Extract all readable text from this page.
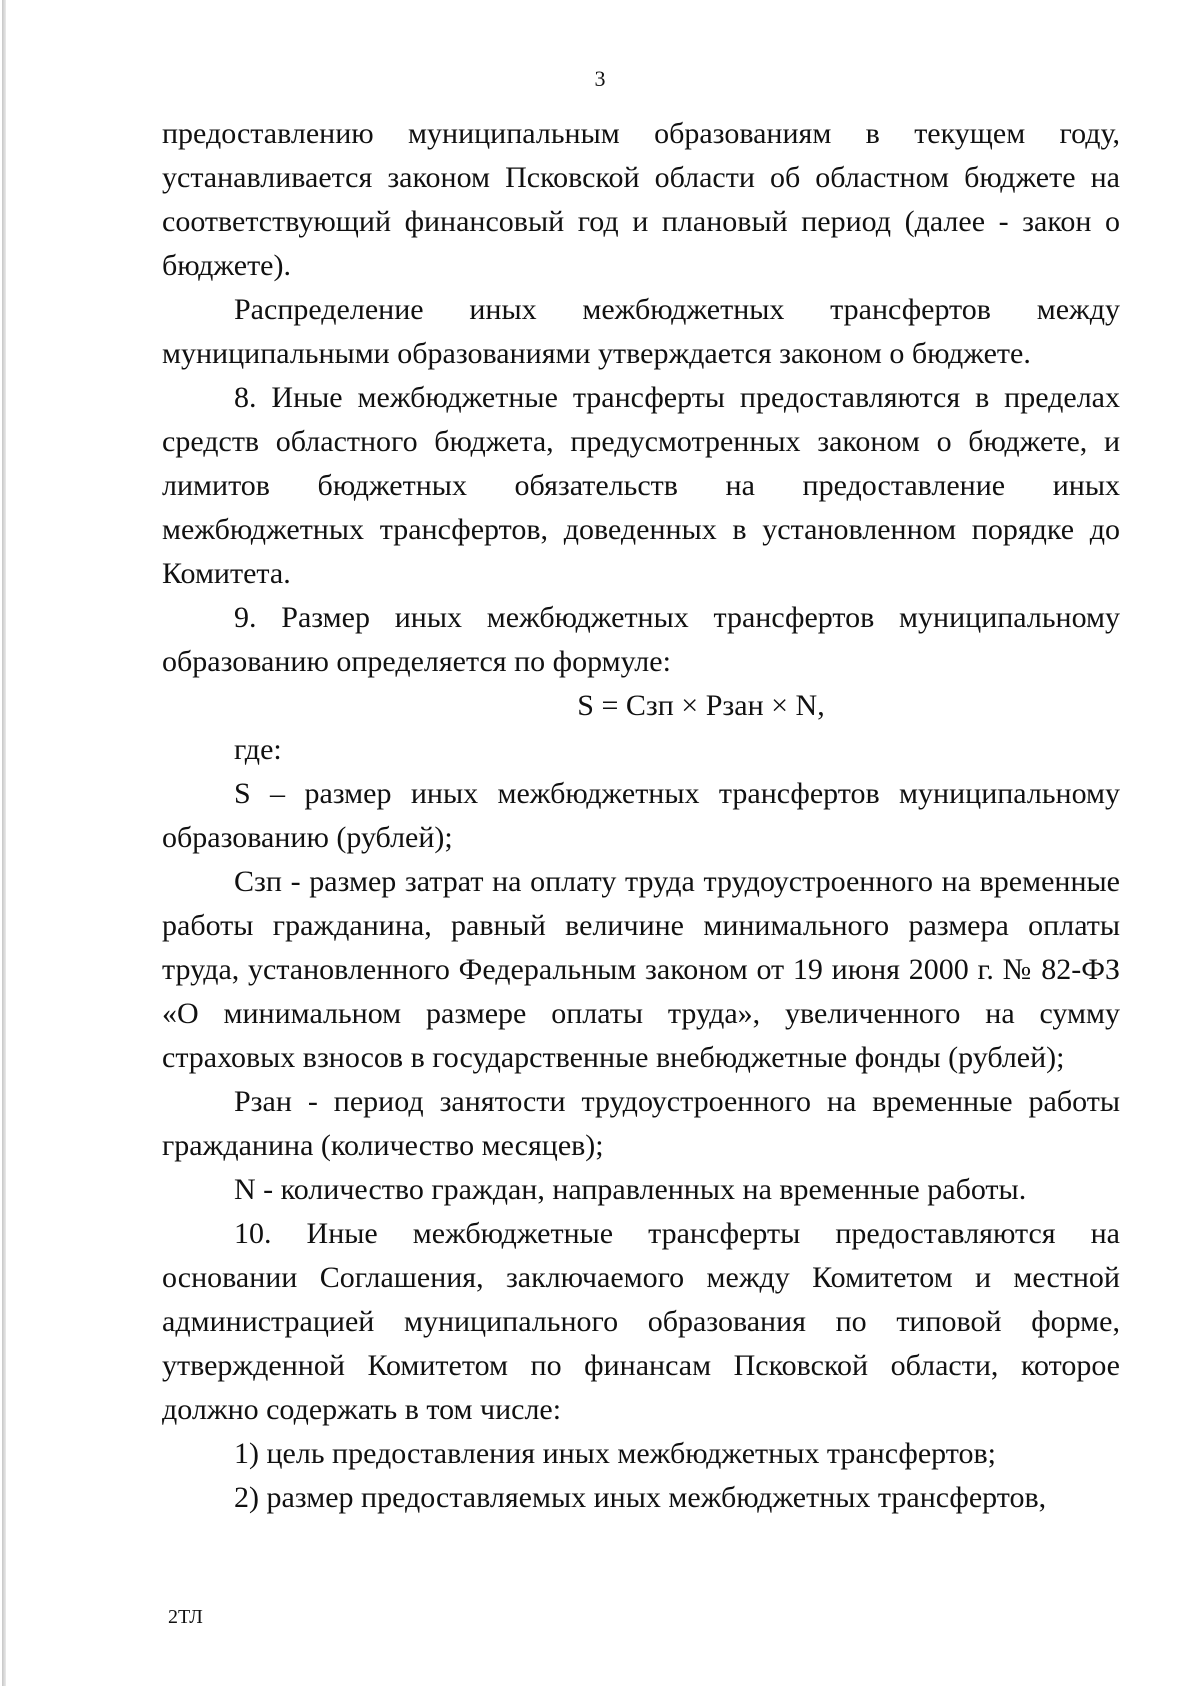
3

предоставлению муниципальным образованиям в текущем году, устанавливается законом Псковской области об областном бюджете на соответствующий финансовый год и плановый период (далее - закон о бюджете).

Распределение иных межбюджетных трансфертов между муниципальными образованиями утверждается законом о бюджете.

8. Иные межбюджетные трансферты предоставляются в пределах средств областного бюджета, предусмотренных законом о бюджете, и лимитов бюджетных обязательств на предоставление иных межбюджетных трансфертов, доведенных в установленном порядке до Комитета.

9. Размер иных межбюджетных трансфертов муниципальному образованию определяется по формуле:

S = Сзп × Рзан × N,

где:

S – размер иных межбюджетных трансфертов муниципальному образованию (рублей);

Сзп - размер затрат на оплату труда трудоустроенного на временные работы гражданина, равный величине минимального размера оплаты труда, установленного Федеральным законом от 19 июня 2000 г. № 82-ФЗ «О минимальном размере оплаты труда», увеличенного на сумму страховых взносов в государственные внебюджетные фонды (рублей);

Рзан - период занятости трудоустроенного на временные работы гражданина (количество месяцев);

N - количество граждан, направленных на временные работы.

10. Иные межбюджетные трансферты предоставляются на основании Соглашения, заключаемого между Комитетом и местной администрацией муниципального образования по типовой форме, утвержденной Комитетом по финансам Псковской области, которое должно содержать в том числе:

1) цель предоставления иных межбюджетных трансфертов;

2) размер предоставляемых иных межбюджетных трансфертов,

2ТЛ
